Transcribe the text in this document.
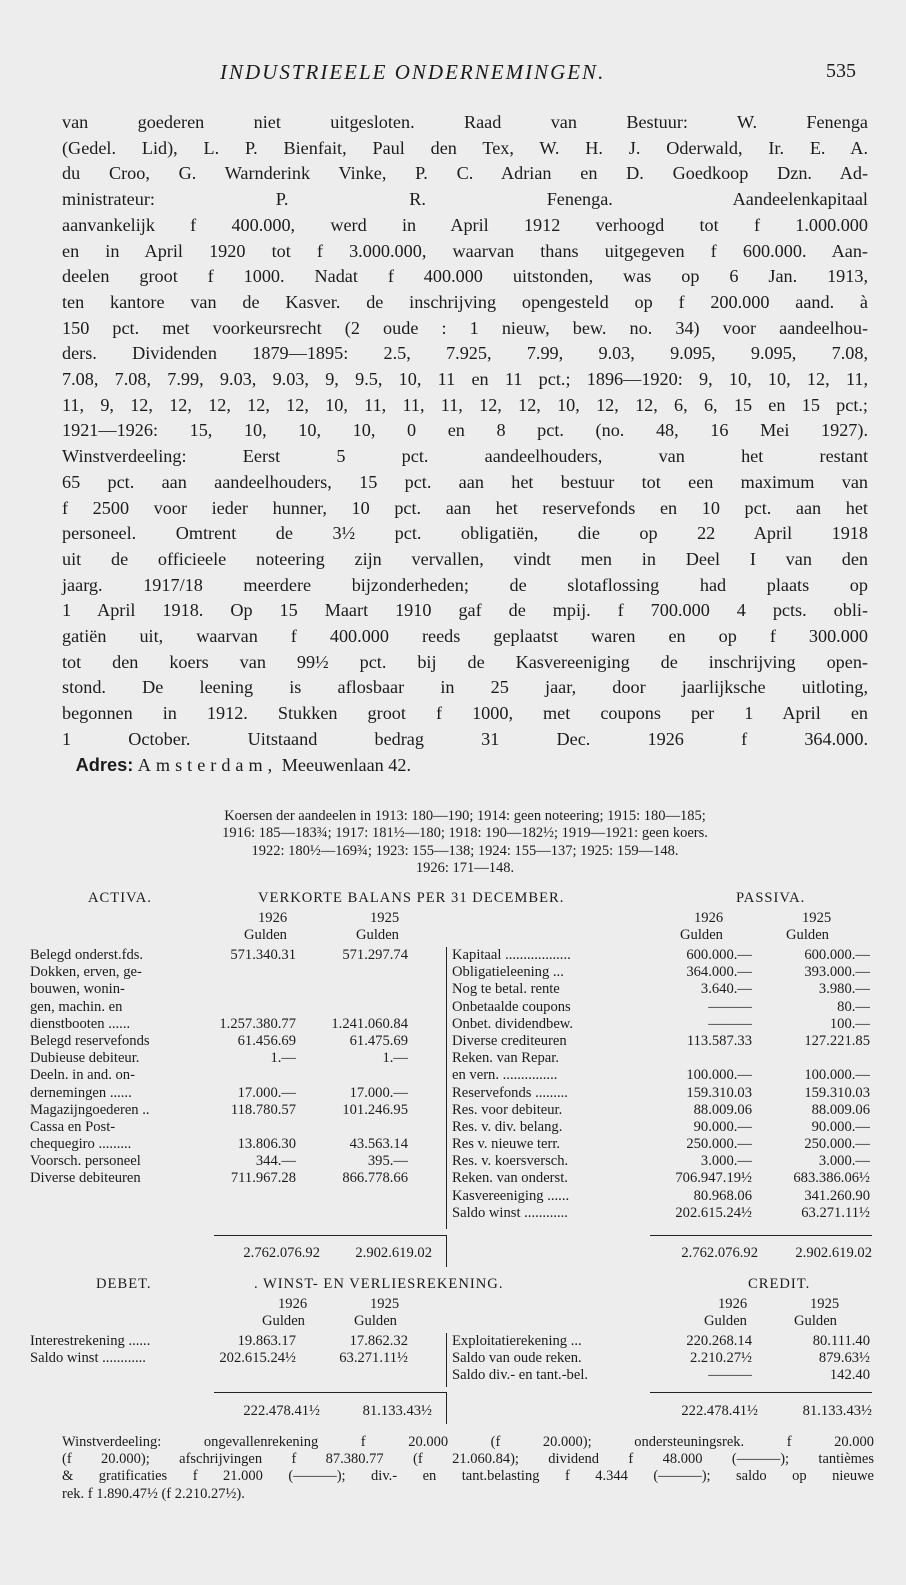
INDUSTRIEELE ONDERNEMINGEN.	535
van goederen niet uitgesloten. Raad van Bestuur: W. Fenenga
(Gedel. Lid), L. P. Bienfait, Paul den Tex, W. H. J. Oderwald, Ir. E. A.
du Croo, G. Warnderink Vinke, P. C. Adrian en D. Goedkoop Dzn. Ad-
ministrateur: P. R. Fenenga. Aandeelenkapitaal
aanvankelijk f 400.000, werd in April 1912 verhoogd tot f 1.000.000
en in April 1920 tot f 3.000.000, waarvan thans uitgegeven f 600.000. Aan-
deelen groot f 1000. Nadat f 400.000 uitstonden, was op 6 Jan. 1913,
ten kantore van de Kasver. de inschrijving opengesteld op f 200.000 aand. à
150 pct. met voorkeursrecht (2 oude : 1 nieuw, bew. no. 34) voor aandeelhou-
ders. Dividenden 1879—1895: 2.5, 7.925, 7.99, 9.03, 9.095, 9.095, 7.08,
7.08, 7.08, 7.99, 9.03, 9.03, 9, 9.5, 10, 11 en 11 pct.; 1896—1920: 9, 10, 10, 12, 11,
11, 9, 12, 12, 12, 12, 12, 10, 11, 11, 11, 12, 12, 10, 12, 12, 6, 6, 15 en 15 pct.;
1921—1926: 15, 10, 10, 10, 0 en 8 pct. (no. 48, 16 Mei 1927).
Winstverdeeling: Eerst 5 pct. aandeelhouders, van het restant
65 pct. aan aandeelhouders, 15 pct. aan het bestuur tot een maximum van
f 2500 voor ieder hunner, 10 pct. aan het reservefonds en 10 pct. aan het
personeel. Omtrent de 3½ pct. obligatiën, die op 22 April 1918
uit de officieele noteering zijn vervallen, vindt men in Deel I van den
jaarg. 1917/18 meerdere bijzonderheden; de slotaflossing had plaats op
1 April 1918. Op 15 Maart 1910 gaf de mpij. f 700.000 4 pcts. obli-
gatiën uit, waarvan f 400.000 reeds geplaatst waren en op f 300.000
tot den koers van 99½ pct. bij de Kasvereeniging de inschrijving open-
stond. De leening is aflosbaar in 25 jaar, door jaarlijksche uitloting,
begonnen in 1912. Stukken groot f 1000, met coupons per 1 April en
1 October. Uitstaand bedrag 31 Dec. 1926 f 364.000.
Adres: Amsterdam, Meeuwenlaan 42.
Koersen der aandeelen in 1913: 180—190; 1914: geen noteering; 1915: 180—185;
1916: 185—183¾; 1917: 181½—180; 1918: 190—182½; 1919—1921: geen koers.
1922: 180½—169¾; 1923: 155—138; 1924: 155—137; 1925: 159—148.
1926: 171—148.
ACTIVA.	VERKORTE BALANS PER 31 DECEMBER.	PASSIVA.
1926	1925	1926	1925
Gulden	Gulden	Gulden	Gulden
Belegd onderst.fds.	571.340.31	571.297.74
Dokken, erven, ge-
bouwen, wonin-
gen, machin. en
dienstbooten ......	1.257.380.77 1.241.060.84
Belegd reservefonds	61.456.69	61.475.69
Dubieuse debiteur.	1.—	1.—
Deeln. in and. on-
dernemingen ......	17.000.—	17.000.—
Magazijngoederen ..	118.780.57	101.246.95
Cassa en Post-
chequegiro .........	13.806.30	43.563.14
Voorsch. personeel	344.—	395.—
Diverse debiteuren	711.967.28	866.778.66
Kapitaal ..................	600.000.—	600.000.—
Obligatieleening ...	364.000.—	393.000.—
Nog te betal. rente	3.640.—	3.980.—
Onbetaalde coupons	———	80.—
Onbet. dividendbew.	———	100.—
Diverse crediteuren	113.587.33	127.221.85
Reken. van Repar.
en vern. ...............	100.000.—	100.000.—
Reservefonds .........	159.310.03	159.310.03
Res. voor debiteur.	88.009.06	88.009.06
Res. v. div. belang.	90.000.—	90.000.—
Res v. nieuwe terr.	250.000.—	250.000.—
Res. v. koersversch.	3.000.—	3.000.—
Reken. van onderst.	706.947.19½	683.386.06½
Kasvereeniging ......	80.968.06	341.260.90
Saldo winst ............	202.615.24½	63.271.11½
2.762.076.92 2.902.619.02	2.762.076.92	2.902.619.02
DEBET.	. WINST- EN VERLIESREKENING.	CREDIT.
1926	1925	1926	1925
Gulden	Gulden	Gulden	Gulden
Interestrekening ......	19.863.17	17.862.32
Saldo winst ............	202.615.24½	63.271.11½
Exploitatierekening ...	220.268.14	80.111.40
Saldo van oude reken.	2.210.27½	879.63½
Saldo div.- en tant.-bel.	———	142.40
222.478.41½	81.133.43½	222.478.41½	81.133.43½
Winstverdeeling: ongevallenrekening f 20.000 (f 20.000); ondersteuningsrek. f 20.000
(f 20.000); afschrijvingen f 87.380.77 (f 21.060.84); dividend f 48.000 (———); tantièmes
& gratificaties f 21.000 (———); div.- en tant.belasting f 4.344 (———); saldo op nieuwe
rek. f 1.890.47½ (f 2.210.27½).
